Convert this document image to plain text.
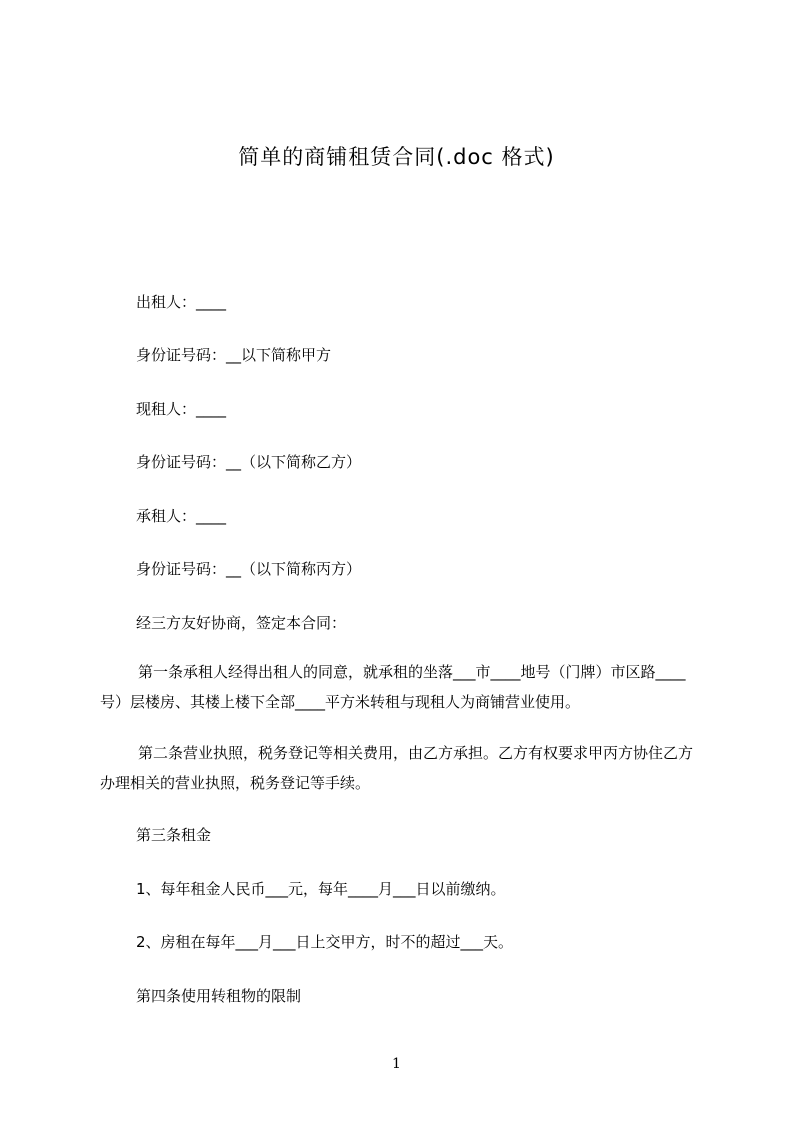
简单的商铺租赁合同(.doc 格式)
出租人：____
身份证号码：__以下简称甲方
现租人：____
身份证号码：__（以下简称乙方）
承租人：____
身份证号码：__（以下简称丙方）
经三方友好协商，签定本合同：
第一条承租人经得出租人的同意，就承租的坐落___市____地号（门牌）市区路____号）层楼房、其楼上楼下全部____平方米转租与现租人为商铺营业使用。
第二条营业执照，税务登记等相关费用，由乙方承担。乙方有权要求甲丙方协住乙方办理相关的营业执照，税务登记等手续。
第三条租金
1、每年租金人民币___元，每年____月___日以前缴纳。
2、房租在每年___月___日上交甲方，时不的超过___天。
第四条使用转租物的限制
1
